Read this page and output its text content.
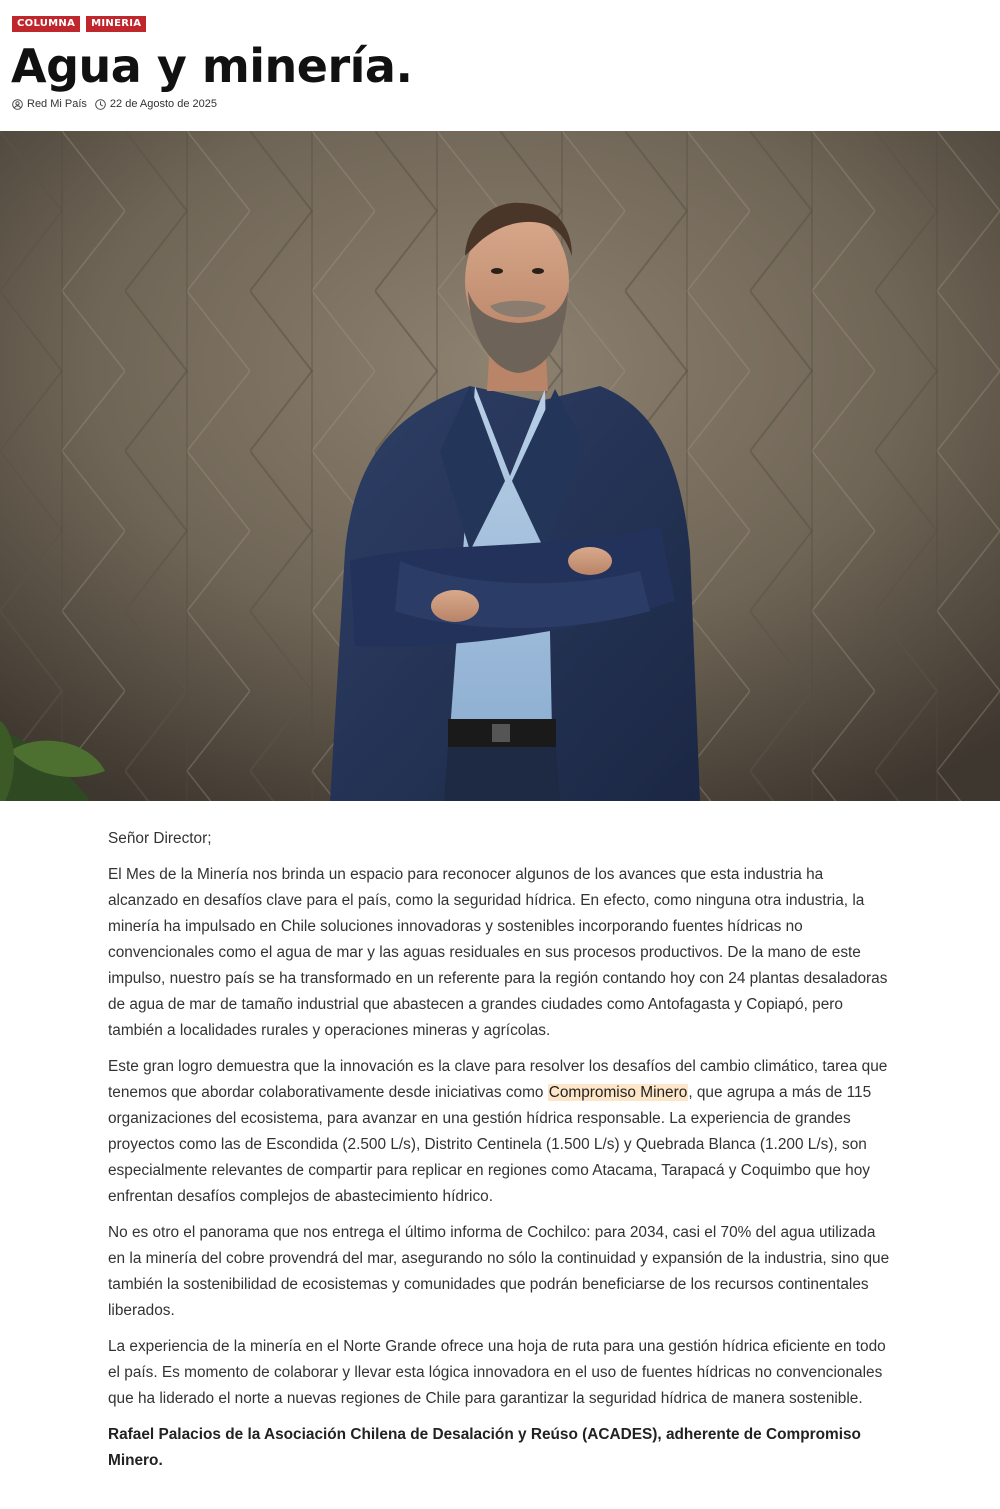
COLUMNA	MINERIA
Agua y minería.
Red Mi País 22 de Agosto de 2025

Señor Director;

El Mes de la Minería nos brinda un espacio para reconocer algunos de los avances que esta industria ha alcanzado en desafíos clave para el país, como la seguridad hídrica. En efecto, como ninguna otra industria, la minería ha impulsado en Chile soluciones innovadoras y sostenibles incorporando fuentes hídricas no convencionales como el agua de mar y las aguas residuales en sus procesos productivos. De la mano de este impulso, nuestro país se ha transformado en un referente para la región contando hoy con 24 plantas desaladoras de agua de mar de tamaño industrial que abastecen a grandes ciudades como Antofagasta y Copiapó, pero también a localidades rurales y operaciones mineras y agrícolas.

Este gran logro demuestra que la innovación es la clave para resolver los desafíos del cambio climático, tarea que tenemos que abordar colaborativamente desde iniciativas como Compromiso Minero, que agrupa a más de 115 organizaciones del ecosistema, para avanzar en una gestión hídrica responsable. La experiencia de grandes proyectos como las de Escondida (2.500 L/s), Distrito Centinela (1.500 L/s) y Quebrada Blanca (1.200 L/s), son especialmente relevantes de compartir para replicar en regiones como Atacama, Tarapacá y Coquimbo que hoy enfrentan desafíos complejos de abastecimiento hídrico.

No es otro el panorama que nos entrega el último informa de Cochilco: para 2034, casi el 70% del agua utilizada en la minería del cobre provendrá del mar, asegurando no sólo la continuidad y expansión de la industria, sino que también la sostenibilidad de ecosistemas y comunidades que podrán beneficiarse de los recursos continentales liberados.

La experiencia de la minería en el Norte Grande ofrece una hoja de ruta para una gestión hídrica eficiente en todo el país. Es momento de colaborar y llevar esta lógica innovadora en el uso de fuentes hídricas no convencionales que ha liderado el norte a nuevas regiones de Chile para garantizar la seguridad hídrica de manera sostenible.

Rafael Palacios de la Asociación Chilena de Desalación y Reúso (ACADES), adherente de Compromiso Minero.
